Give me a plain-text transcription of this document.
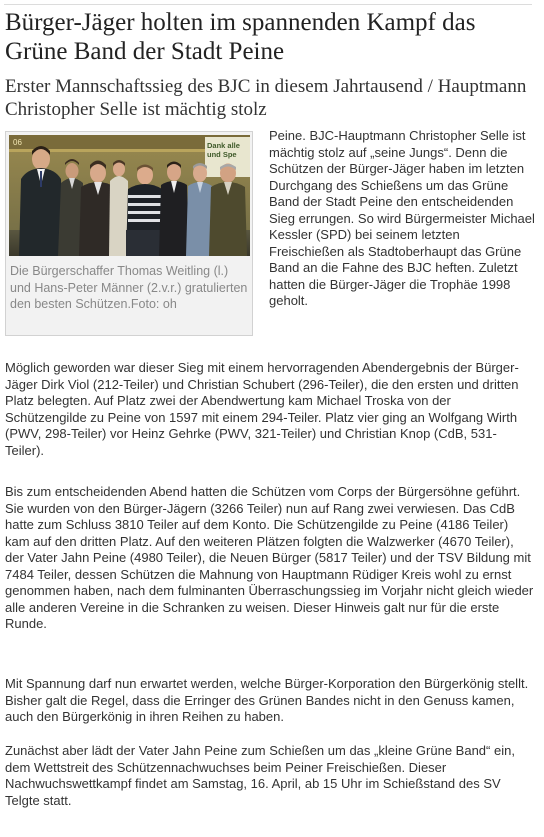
Bürger-Jäger holten im spannenden Kampf das Grüne Band der Stadt Peine
Erster Mannschaftssieg des BJC in diesem Jahrtausend / Hauptmann Christopher Selle ist mächtig stolz
Dank alle und Spe
06
Die Bürgerschaffer Thomas Weitling (l.) und Hans-Peter Männer (2.v.r.) gratulierten den besten Schützen.Foto: oh

Peine. BJC-Hauptmann Christopher Selle ist mächtig stolz auf „seine Jungs“. Denn die Schützen der Bürger-Jäger haben im letzten Durchgang des Schießens um das Grüne Band der Stadt Peine den entscheidenden Sieg errungen. So wird Bürgermeister Michael Kessler (SPD) bei seinem letzten Freischießen als Stadtoberhaupt das Grüne Band an die Fahne des BJC heften. Zuletzt hatten die Bürger-Jäger die Trophäe 1998 geholt.

Möglich geworden war dieser Sieg mit einem hervorragenden Abendergebnis der Bürger-Jäger Dirk Viol (212-Teiler) und Christian Schubert (296-Teiler), die den ersten und dritten Platz belegten. Auf Platz zwei der Abendwertung kam Michael Troska von der Schützengilde zu Peine von 1597 mit einem 294-Teiler. Platz vier ging an Wolfgang Wirth (PWV, 298-Teiler) vor Heinz Gehrke (PWV, 321-Teiler) und Christian Knop (CdB, 531-Teiler).

Bis zum entscheidenden Abend hatten die Schützen vom Corps der Bürgersöhne geführt. Sie wurden von den Bürger-Jägern (3266 Teiler) nun auf Rang zwei verwiesen. Das CdB hatte zum Schluss 3810 Teiler auf dem Konto. Die Schützengilde zu Peine (4186 Teiler) kam auf den dritten Platz. Auf den weiteren Plätzen folgten die Walzwerker (4670 Teiler), der Vater Jahn Peine (4980 Teiler), die Neuen Bürger (5817 Teiler) und der TSV Bildung mit 7484 Teiler, dessen Schützen die Mahnung von Hauptmann Rüdiger Kreis wohl zu ernst genommen haben, nach dem fulminanten Überraschungssieg im Vorjahr nicht gleich wieder alle anderen Vereine in die Schranken zu weisen. Dieser Hinweis galt nur für die erste Runde.

Mit Spannung darf nun erwartet werden, welche Bürger-Korporation den Bürgerkönig stellt. Bisher galt die Regel, dass die Erringer des Grünen Bandes nicht in den Genuss kamen, auch den Bürgerkönig in ihren Reihen zu haben.

Zunächst aber lädt der Vater Jahn Peine zum Schießen um das „kleine Grüne Band“ ein, dem Wettstreit des Schützennachwuchses beim Peiner Freischießen. Dieser Nachwuchswettkampf findet am Samstag, 16. April, ab 15 Uhr im Schießstand des SV Telgte statt.
